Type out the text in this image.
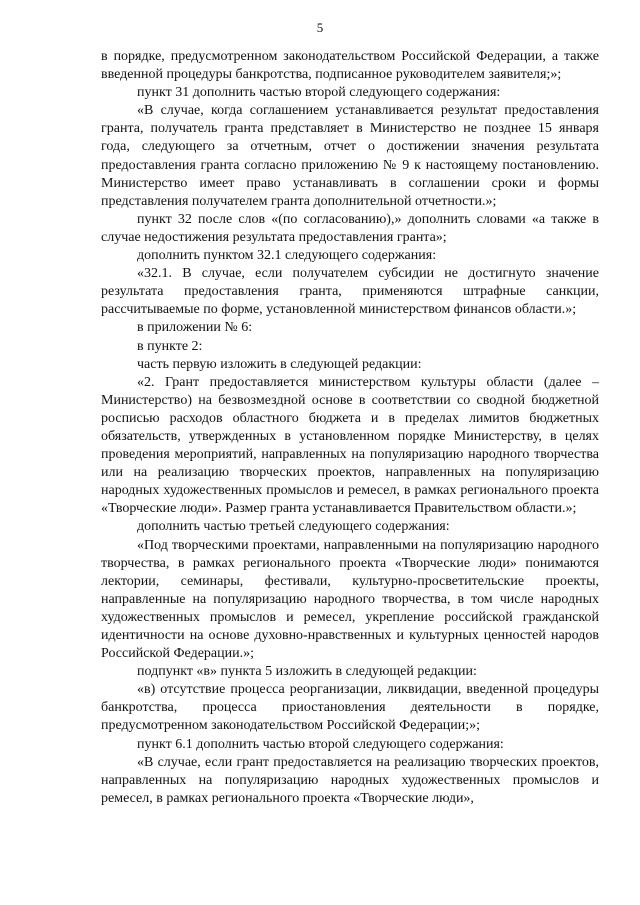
5

в порядке, предусмотренном законодательством Российской Федерации, а также введенной процедуры банкротства, подписанное руководителем заявителя;»;

пункт 31 дополнить частью второй следующего содержания:

«В случае, когда соглашением устанавливается результат предоставления гранта, получатель гранта представляет в Министерство не позднее 15 января года, следующего за отчетным, отчет о достижении значения результата предоставления гранта согласно приложению № 9 к настоящему постановлению. Министерство имеет право устанавливать в соглашении сроки и формы представления получателем гранта дополнительной отчетности.»;

пункт 32 после слов «(по согласованию),» дополнить словами «а также в случае недостижения результата предоставления гранта»;

дополнить пунктом 32.1 следующего содержания:

«32.1. В случае, если получателем субсидии не достигнуто значение результата предоставления гранта, применяются штрафные санкции, рассчитываемые по форме, установленной министерством финансов области.»;

в приложении № 6:

в пункте 2:

часть первую изложить в следующей редакции:

«2. Грант предоставляется министерством культуры области (далее – Министерство) на безвозмездной основе в соответствии со сводной бюджетной росписью расходов областного бюджета и в пределах лимитов бюджетных обязательств, утвержденных в установленном порядке Министерству, в целях проведения мероприятий, направленных на популяризацию народного творчества или на реализацию творческих проектов, направленных на популяризацию народных художественных промыслов и ремесел, в рамках регионального проекта «Творческие люди». Размер гранта устанавливается Правительством области.»;

дополнить частью третьей следующего содержания:

«Под творческими проектами, направленными на популяризацию народного творчества, в рамках регионального проекта «Творческие люди» понимаются лектории, семинары, фестивали, культурно-просветительские проекты, направленные на популяризацию народного творчества, в том числе народных художественных промыслов и ремесел, укрепление российской гражданской идентичности на основе духовно-нравственных и культурных ценностей народов Российской Федерации.»;

подпункт «в» пункта 5 изложить в следующей редакции:

«в) отсутствие процесса реорганизации, ликвидации, введенной процедуры банкротства, процесса приостановления деятельности в порядке, предусмотренном законодательством Российской Федерации;»;

пункт 6.1 дополнить частью второй следующего содержания:

«В случае, если грант предоставляется на реализацию творческих проектов, направленных на популяризацию народных художественных промыслов и ремесел, в рамках регионального проекта «Творческие люди»,
